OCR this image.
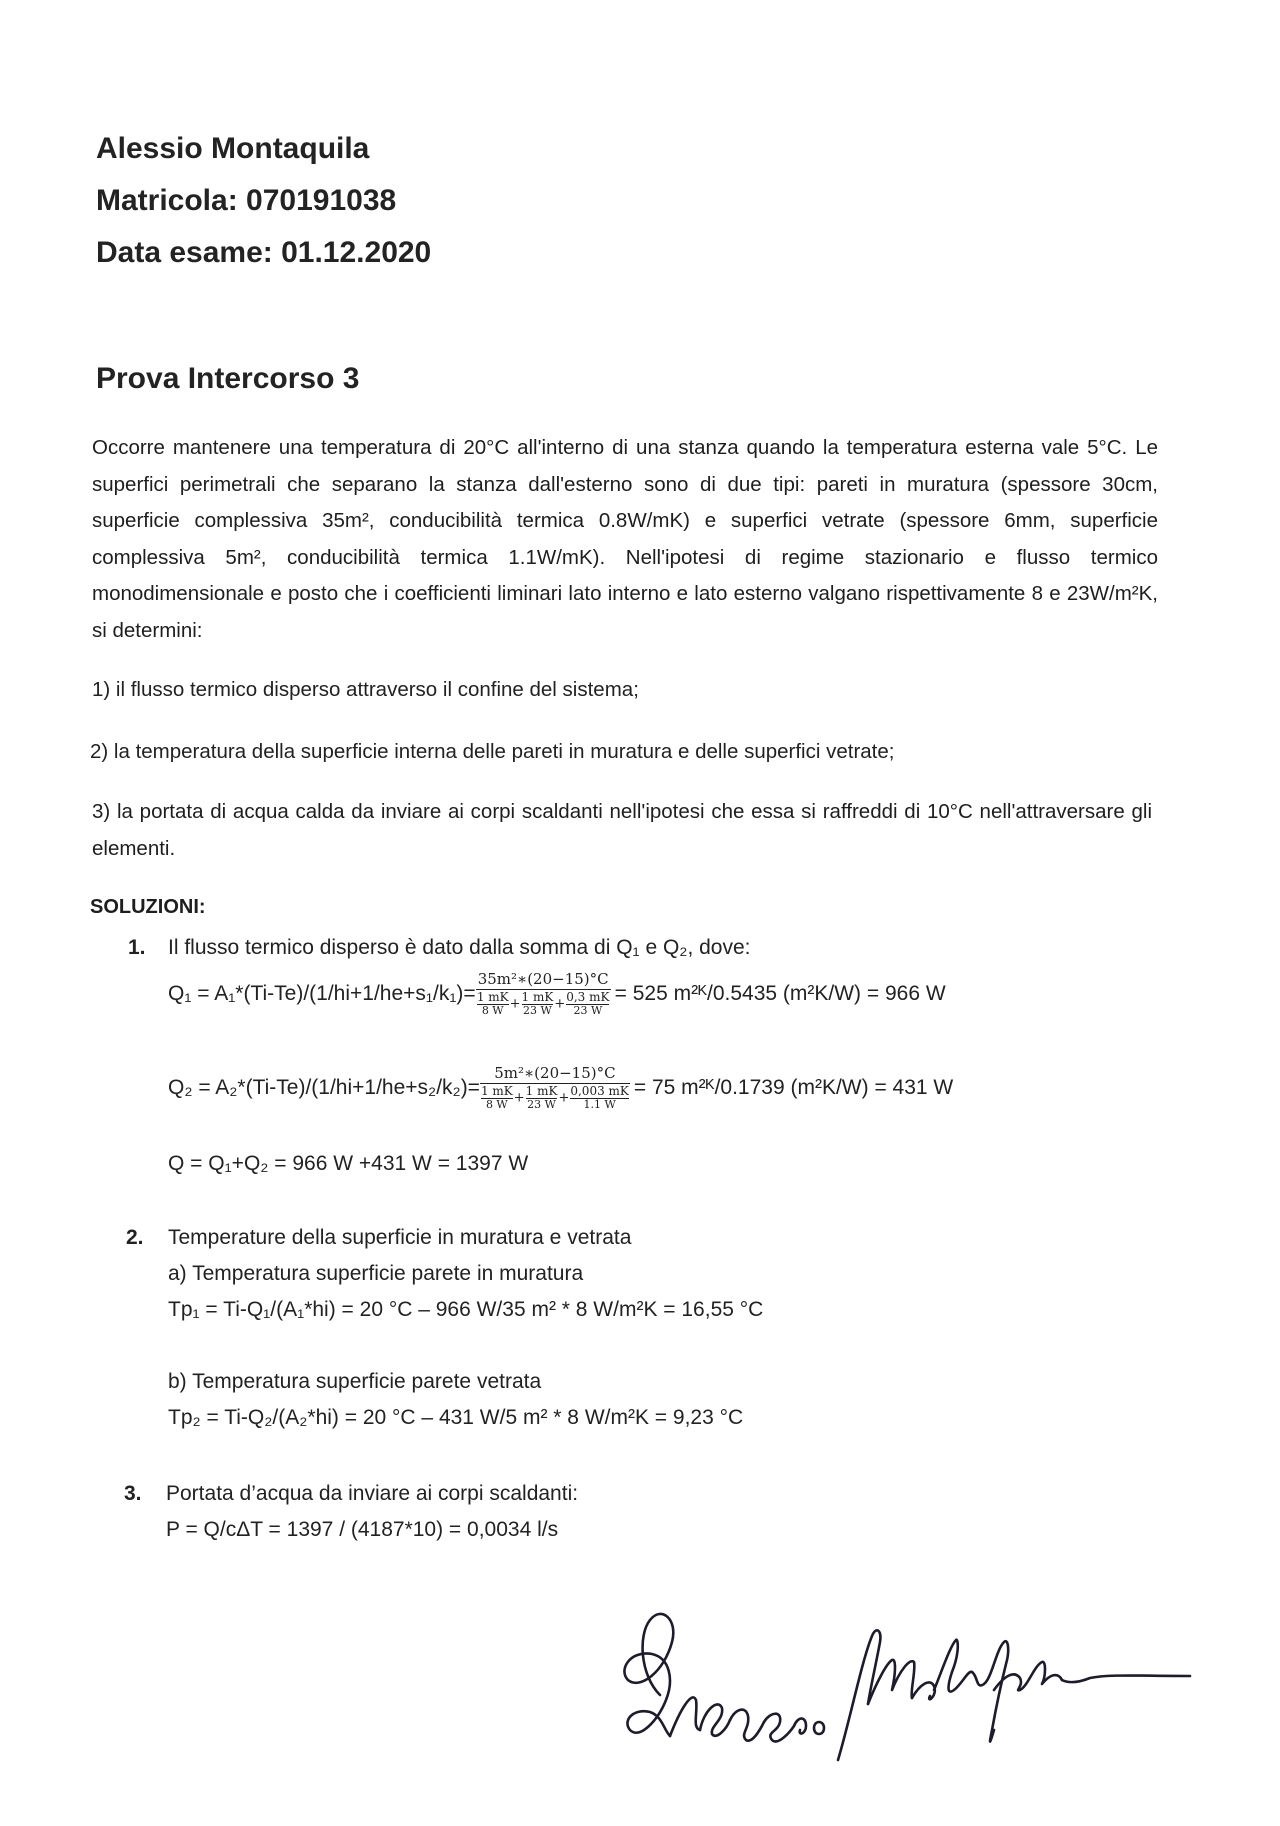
Alessio Montaquila
Matricola: 070191038
Data esame: 01.12.2020
Prova Intercorso 3
Occorre mantenere una temperatura di 20°C all'interno di una stanza quando la temperatura esterna vale 5°C. Le superfici perimetrali che separano la stanza dall'esterno sono di due tipi: pareti in muratura (spessore 30cm, superficie complessiva 35m², conducibilità termica 0.8W/mK) e superfici vetrate (spessore 6mm, superficie complessiva 5m², conducibilità termica 1.1W/mK). Nell'ipotesi di regime stazionario e flusso termico monodimensionale e posto che i coefficienti liminari lato interno e lato esterno valgano rispettivamente 8 e 23W/m²K, si determini:
1) il flusso termico disperso attraverso il confine del sistema;
2) la temperatura della superficie interna delle pareti in muratura e delle superfici vetrate;
3) la portata di acqua calda da inviare ai corpi scaldanti nell'ipotesi che essa si raffreddi di 10°C nell'attraversare gli elementi.
SOLUZIONI:
1. Il flusso termico disperso è dato dalla somma di Q₁ e Q₂, dove:
$Q_1 = A_1*(Ti-Te)/(1/hi+1/he+s_1/k_1)= \frac{\text{35m²∗(20−15)°C}}{\frac{1 mK}{8 W} + \frac{1 mK}{23 W} + \frac{0,3 mK}{23 W}} = 525$ m²ᴷ/0.5435 (m²K/W) = 966 W
$Q_2 = A_2*(Ti-Te)/(1/hi+1/he+s_2/k_2)= \frac{\text{5m²∗(20−15)°C}}{\frac{1 mK}{8 W} + \frac{1 mK}{23 W} + \frac{0,003 mK}{1.1 W}} = 75$ m²ᴷ/0.1739 (m²K/W) = 431 W
Q = Q₁+Q₂ = 966 W +431 W = 1397 W
2. Temperature della superficie in muratura e vetrata
a) Temperatura superficie parete in muratura
Tp₁ = Ti-Q₁/(A₁*hi) = 20 °C – 966 W/35 m² * 8 W/m²K = 16,55 °C
b) Temperatura superficie parete vetrata
Tp₂ = Ti-Q₂/(A₂*hi) = 20 °C – 431 W/5 m² * 8 W/m²K = 9,23 °C
3. Portata d’acqua da inviare ai corpi scaldanti:
P = Q/cΔT = 1397 / (4187*10) = 0,0034 l/s
